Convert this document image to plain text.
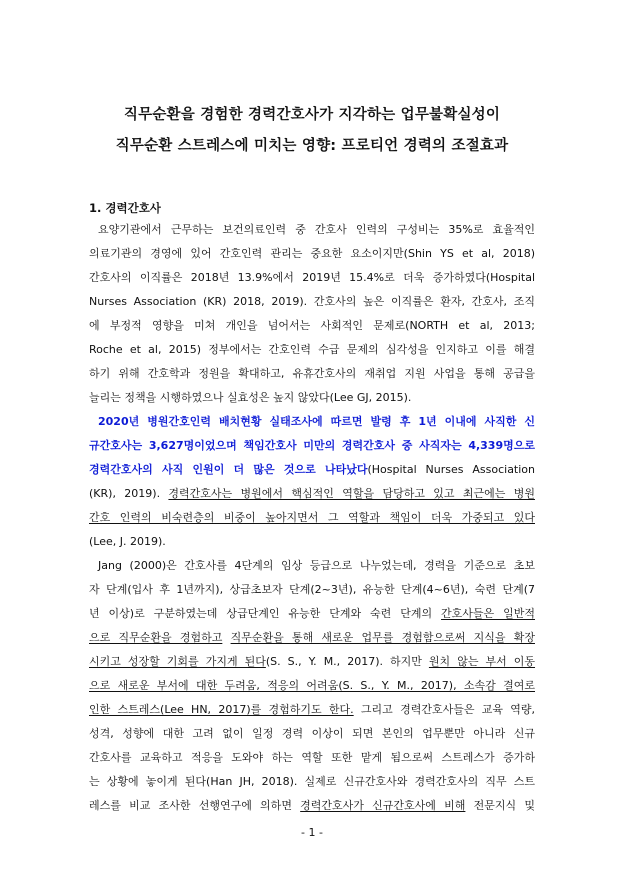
직무순환을 경험한 경력간호사가 지각하는 업무불확실성이
직무순환 스트레스에 미치는 영향: 프로티언 경력의 조절효과
1. 경력간호사
요양기관에서 근무하는 보건의료인력 중 간호사 인력의 구성비는 35%로 효율적인
의료기관의 경영에 있어 간호인력 관리는 중요한 요소이지만(Shin YS et al, 2018)
간호사의 이직률은 2018년 13.9%에서 2019년 15.4%로 더욱 증가하였다(Hospital
Nurses Association (KR) 2018, 2019). 간호사의 높은 이직률은 환자, 간호사, 조직
에 부정적 영향을 미쳐 개인을 넘어서는 사회적인 문제로(NORTH et al, 2013;
Roche et al, 2015) 정부에서는 간호인력 수급 문제의 심각성을 인지하고 이를 해결
하기 위해 간호학과 정원을 확대하고, 유휴간호사의 재취업 지원 사업을 통해 공급을
늘리는 정책을 시행하였으나 실효성은 높지 않았다(Lee GJ, 2015).
2020년 병원간호인력 배치현황 실태조사에 따르면 발령 후 1년 이내에 사직한 신
규간호사는 3,627명이었으며 책임간호사 미만의 경력간호사 중 사직자는 4,339명으로
경력간호사의 사직 인원이 더 많은 것으로 나타났다(Hospital Nurses Association
(KR), 2019). 경력간호사는 병원에서 핵심적인 역할을 담당하고 있고 최근에는 병원
간호 인력의 비숙련층의 비중이 높아지면서 그 역할과 책임이 더욱 가중되고 있다
(Lee, J. 2019).
Jang (2000)은 간호사를 4단계의 임상 등급으로 나누었는데, 경력을 기준으로 초보
자 단계(입사 후 1년까지), 상급초보자 단계(2~3년), 유능한 단계(4~6년), 숙련 단계(7
년 이상)로 구분하였는데 상급단계인 유능한 단계와 숙련 단계의 간호사들은 일반적
으로 직무순환을 경험하고 직무순환을 통해 새로운 업무를 경험함으로써 지식을 확장
시키고 성장할 기회를 가지게 된다(S. S., Y. M., 2017). 하지만 원치 않는 부서 이동
으로 새로운 부서에 대한 두려움, 적응의 어려움(S. S., Y. M., 2017), 소속감 결여로
인한 스트레스(Lee HN, 2017)를 경험하기도 한다. 그리고 경력간호사들은 교육 역량,
성격, 성향에 대한 고려 없이 일정 경력 이상이 되면 본인의 업무뿐만 아니라 신규
간호사를 교육하고 적응을 도와야 하는 역할 또한 맡게 됨으로써 스트레스가 증가하
는 상황에 놓이게 된다(Han JH, 2018). 실제로 신규간호사와 경력간호사의 직무 스트
레스를 비교 조사한 선행연구에 의하면 경력간호사가 신규간호사에 비해 전문지식 및
- 1 -
